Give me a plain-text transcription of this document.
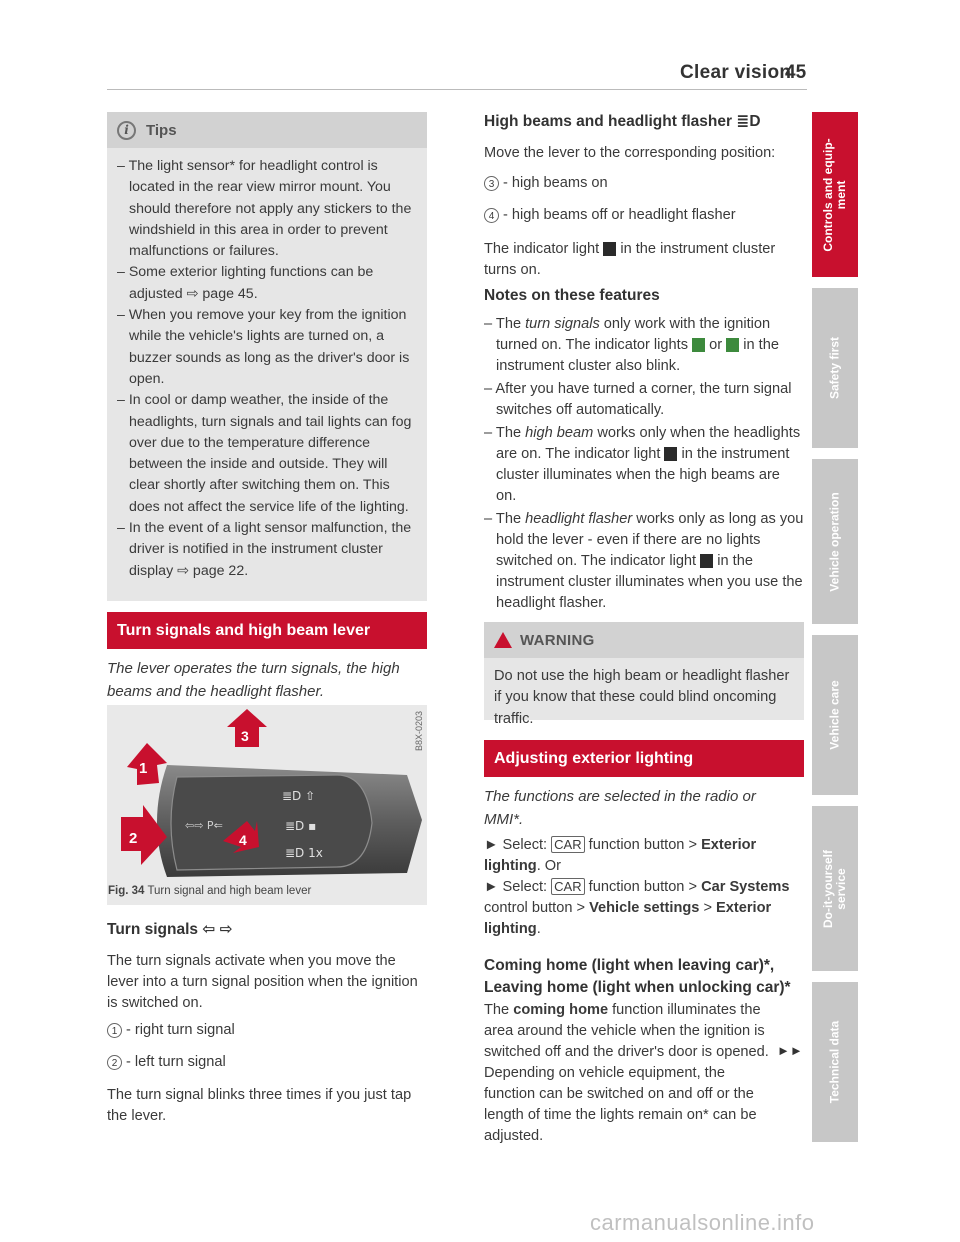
Clear vision
45
i	Tips
– The light sensor* for headlight control is located in the rear view mirror mount. You should therefore not apply any stickers to the windshield in this area in order to prevent malfunctions or failures.
– Some exterior lighting functions can be adjusted ⇨ page 45.
– When you remove your key from the ignition while the vehicle's lights are turned on, a buzzer sounds as long as the driver's door is open.
– In cool or damp weather, the inside of the headlights, turn signals and tail lights can fog over due to the temperature difference between the inside and outside. They will clear shortly after switching them on. This does not affect the service life of the lighting.
– In the event of a light sensor malfunction, the driver is notified in the instrument cluster display ⇨ page 22.
Turn signals and high beam lever

The lever operates the turn signals, the high beams and the headlight flasher.

⇦⇨ P⇐
≣D ⇧
≣D ▪
≣D 1x
1
2
3
4
B8X-0203
Fig. 34 Turn signal and high beam lever
Turn signals ⇦ ⇨

The turn signals activate when you move the lever into a turn signal position when the ignition is switched on.

1 - right turn signal
2 - left turn signal

The turn signal blinks three times if you just tap the lever.

High beams and headlight flasher ≣D

Move the lever to the corresponding position:

3 - high beams on
4 - high beams off or headlight flasher

The indicator light in the instrument cluster turns on.

Notes on these features
– The turn signals only work with the ignition turned on. The indicator lights or in the instrument cluster also blink.
– After you have turned a corner, the turn signal switches off automatically.
– The high beam works only when the headlights are on. The indicator light in the instrument cluster illuminates when the high beams are on.
– The headlight flasher works only as long as you hold the lever - even if there are no lights switched on. The indicator light in the instrument cluster illuminates when you use the headlight flasher.
WARNING

Do not use the high beam or headlight flasher if you know that these could blind oncoming traffic.

Adjusting exterior lighting

The functions are selected in the radio or MMI*.

► Select: CAR function button > Exterior lighting. Or

► Select: CAR function button > Car Systems control button > Vehicle settings > Exterior lighting.

Coming home (light when leaving car)*, Leaving home (light when unlocking car)*

The coming home function illuminates the area around the vehicle when the ignition is switched off and the driver's door is opened. Depending on vehicle equipment, the function can be switched on and off or the length of time the lights remain on* can be adjusted.

►►
Controls and equip-
ment
Safety first
Vehicle operation
Vehicle care
Do-it-yourself
service
Technical data
carmanualsonline.info
